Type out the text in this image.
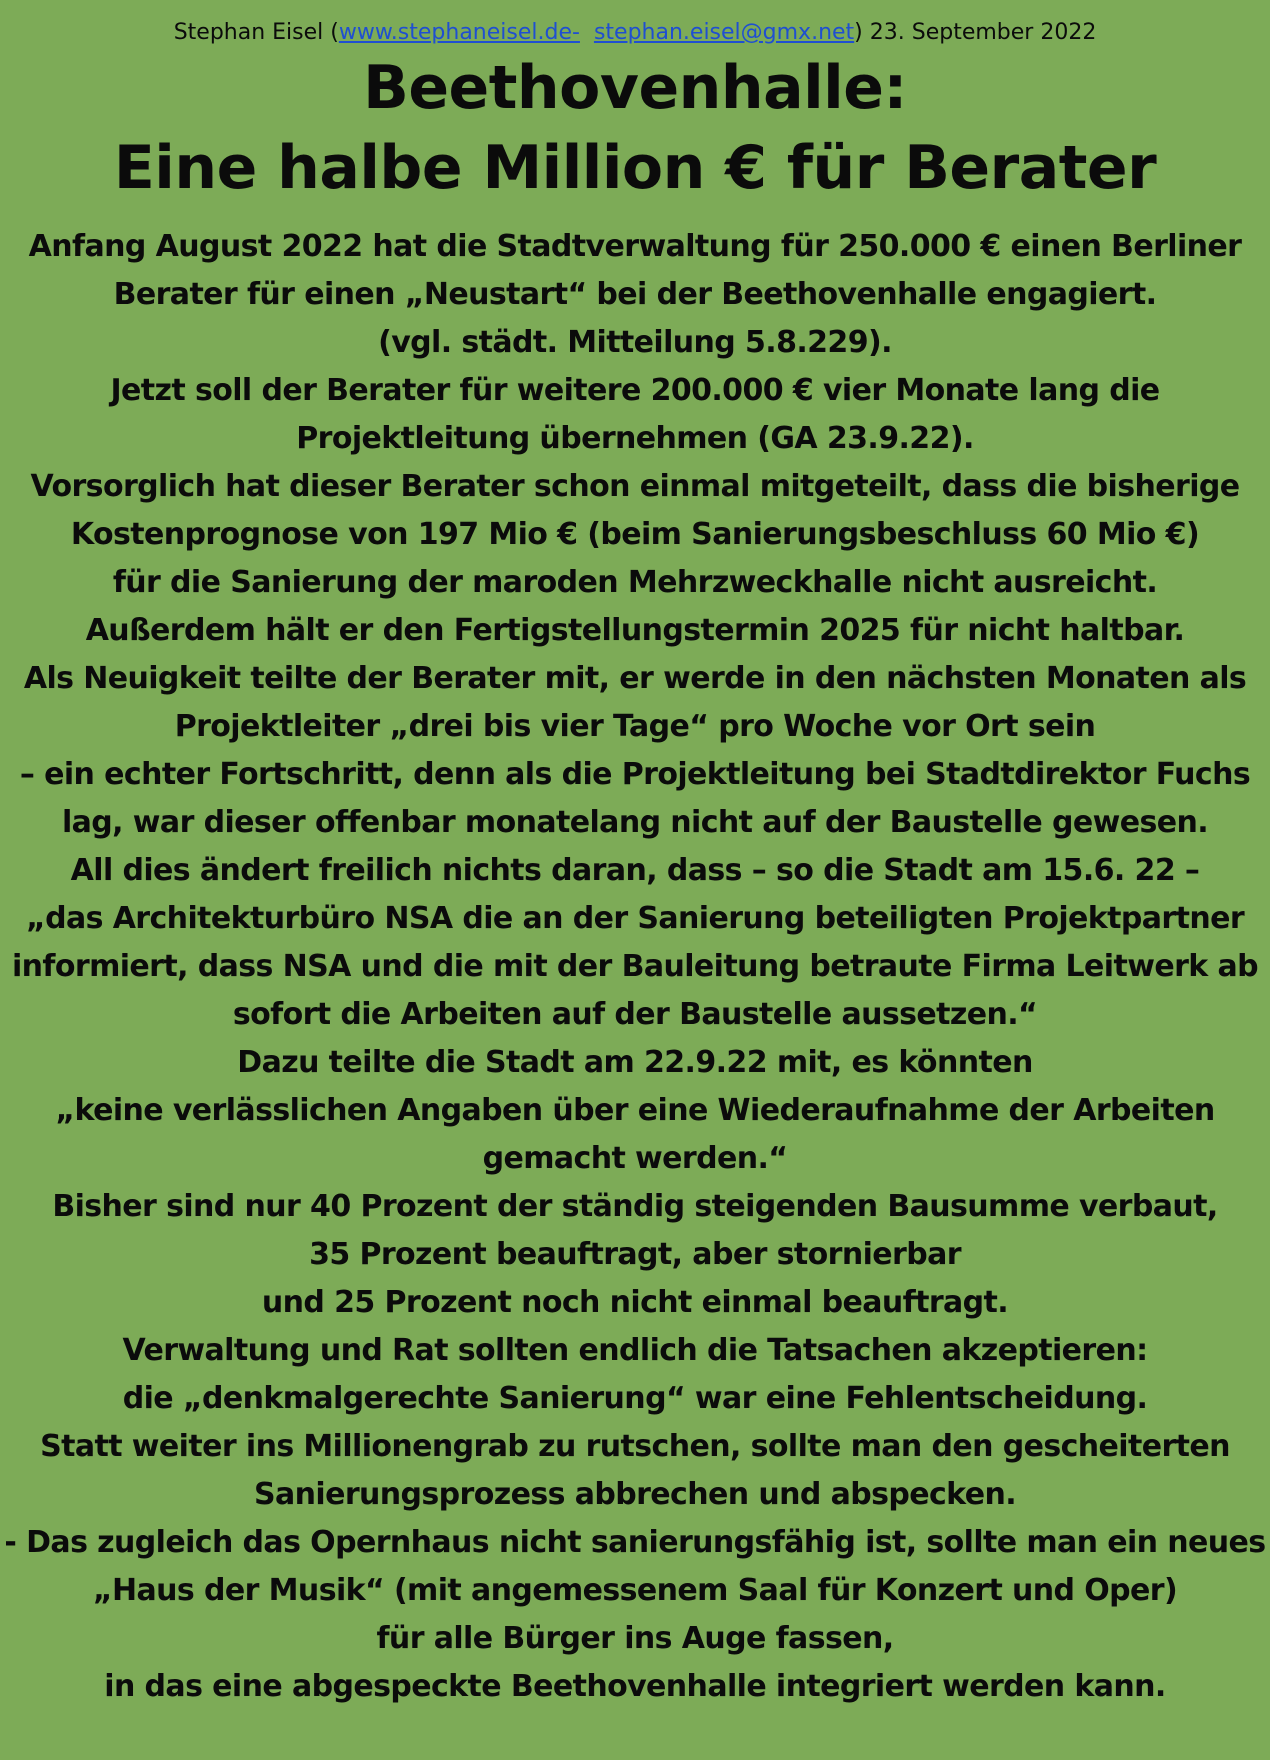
Stephan Eisel (www.stephaneisel.de- stephan.eisel@gmx.net) 23. September 2022

Beethovenhalle:
Eine halbe Million € für Berater
Anfang August 2022 hat die Stadtverwaltung für 250.000 € einen Berliner
Berater für einen „Neustart“ bei der Beethovenhalle engagiert.
(vgl. städt. Mitteilung 5.8.229).
Jetzt soll der Berater für weitere 200.000 € vier Monate lang die
Projektleitung übernehmen (GA 23.9.22).
Vorsorglich hat dieser Berater schon einmal mitgeteilt, dass die bisherige
Kostenprognose von 197 Mio € (beim Sanierungsbeschluss 60 Mio €)
für die Sanierung der maroden Mehrzweckhalle nicht ausreicht.
Außerdem hält er den Fertigstellungstermin 2025 für nicht haltbar.
Als Neuigkeit teilte der Berater mit, er werde in den nächsten Monaten als
Projektleiter „drei bis vier Tage“ pro Woche vor Ort sein
– ein echter Fortschritt, denn als die Projektleitung bei Stadtdirektor Fuchs
lag, war dieser offenbar monatelang nicht auf der Baustelle gewesen.
All dies ändert freilich nichts daran, dass – so die Stadt am 15.6. 22 –
„das Architekturbüro NSA die an der Sanierung beteiligten Projektpartner
informiert, dass NSA und die mit der Bauleitung betraute Firma Leitwerk ab
sofort die Arbeiten auf der Baustelle aussetzen.“
Dazu teilte die Stadt am 22.9.22 mit, es könnten
„keine verlässlichen Angaben über eine Wiederaufnahme der Arbeiten
gemacht werden.“
Bisher sind nur 40 Prozent der ständig steigenden Bausumme verbaut,
35 Prozent beauftragt, aber stornierbar
und 25 Prozent noch nicht einmal beauftragt.
Verwaltung und Rat sollten endlich die Tatsachen akzeptieren:
die „denkmalgerechte Sanierung“ war eine Fehlentscheidung.
Statt weiter ins Millionengrab zu rutschen, sollte man den gescheiterten
Sanierungsprozess abbrechen und abspecken.
- Das zugleich das Opernhaus nicht sanierungsfähig ist, sollte man ein neues
„Haus der Musik“ (mit angemessenem Saal für Konzert und Oper)
für alle Bürger ins Auge fassen,
in das eine abgespeckte Beethovenhalle integriert werden kann.
